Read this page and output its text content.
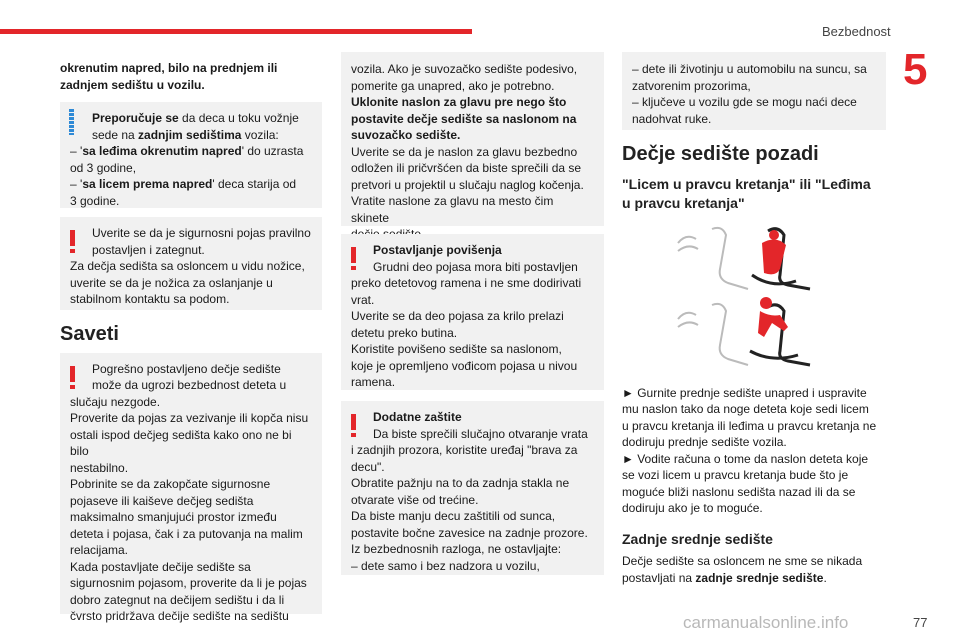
Bezbednost
5

okrenutim napred, bilo na prednjem ili zadnjem sedištu u vozilu.

Preporučuje se da deca u toku vožnje

sede na zadnjim sedištima vozila:

– 'sa leđima okrenutim napred' do uzrasta

od 3 godine,

– 'sa licem prema napred' deca starija od

3 godine.

Uverite se da je sigurnosni pojas pravilno

postavljen i zategnut.

Za dečja sedišta sa osloncem u vidu nožice,

uverite se da je nožica za oslanjanje u

stabilnom kontaktu sa podom.

Saveti

Pogrešno postavljeno dečje sedište

može da ugrozi bezbednost deteta u

slučaju nezgode.

Proverite da pojas za vezivanje ili kopča nisu

ostali ispod dečjeg sedišta kako ono ne bi bilo

nestabilno.

Pobrinite se da zakopčate sigurnosne

pojaseve ili kaiševe dečjeg sedišta

maksimalno smanjujući prostor između

deteta i pojasa, čak i za putovanja na malim

relacijama.

Kada postavljate dečije sedište sa

sigurnosnim pojasom, proverite da li je pojas

dobro zategnut na dečijem sedištu i da li

čvrsto pridržava dečije sedište na sedištu

vozila. Ako je suvozačko sedište podesivo,

pomerite ga unapred, ako je potrebno.

Uklonite naslon za glavu pre nego što

postavite dečje sedište sa naslonom na

suvozačko sedište.

Uverite se da je naslon za glavu bezbedno

odložen ili pričvršćen da biste sprečili da se

pretvori u projektil u slučaju naglog kočenja.

Vratite naslone za glavu na mesto čim skinete

Postavljanje povišenja

Grudni deo pojasa mora biti postavljen

preko detetovog ramena i ne sme dodirivati

vrat.

Uverite se da deo pojasa za krilo prelazi

detetu preko butina.

Koristite povišeno sedište sa naslonom,

koje je opremljeno vođicom pojasa u nivou

ramena.

Dodatne zaštite

Da biste sprečili slučajno otvaranje vrata

i zadnjih prozora, koristite uređaj "brava za

decu".

Obratite pažnju na to da zadnja stakla ne

otvarate više od trećine.

Da biste manju decu zaštitili od sunca,

postavite bočne zavesice na zadnje prozore.

Iz bezbednosnih razloga, ne ostavljajte:

– dete samo i bez nadzora u vozilu,

– dete ili životinju u automobilu na suncu, sa

zatvorenim prozorima,

– ključeve u vozilu gde se mogu naći dece

nadohvat ruke.

Dečje sedište pozadi
"Licem u pravcu kretanja" ili "Leđima
u pravcu kretanja"

► Gurnite prednje sedište unapred i uspravite

mu naslon tako da noge deteta koje sedi licem

u pravcu kretanja ili leđima u pravcu kretanja ne

dodiruju prednje sedište vozila.

► Vodite računa o tome da naslon deteta koje

se vozi licem u pravcu kretanja bude što je

moguće bliži naslonu sedišta nazad ili da se

dodiruju ako je to moguće.

Zadnje srednje sedište

Dečje sedište sa osloncem ne sme se nikada

postavljati na zadnje srednje sedište.

carmanualsonline.info	77
